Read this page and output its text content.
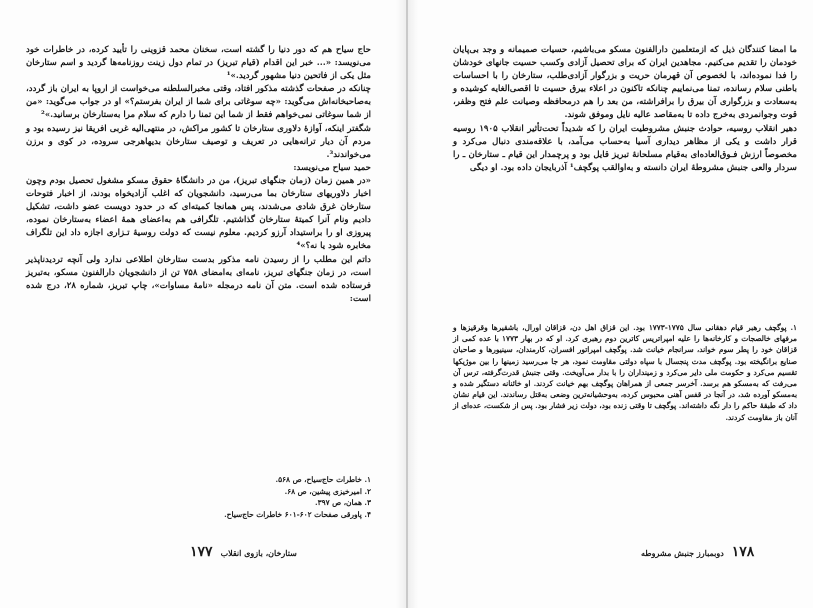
حاج سیاح هم که دور دنیا را گشته است، سخنان محمد قزوینی را تأیید کرده، در خاطرات خود می‌نویسد: «... خبر این اقدام (قیام تبریز) در تمام دول زینت روزنامه‌ها گردید و اسم ستارخان مثل یکی از فاتحین دنیا مشهور گردید.»¹

چنانکه در صفحات گذشته مذکور افتاد، وقتی مخبرالسلطنه می‌خواست از اروپا به ایران باز گردد، به‌صاحبخانه‌اش می‌گوید: «چه سوغاتی برای شما از ایران بفرستم؟» او در جواب می‌گوید: «من از شما سوغاتی نمی‌خواهم فقط از شما این تمنا را دارم که سلام مرا به‌ستارخان برسانید.»²

شگفتر اینکه، آوازهٔ دلاوری ستارخان تا کشور مراکش، در منتهی‌الیه غربی افریقا نیز رسیده بود و مردم آن دیار ترانه‌هایی در تعریف و توصیف ستارخان بدیها‌هرجی سروده، در کوی و برزن می‌خواندند³.

حمید سیاح می‌نویسد:

«در همین زمان (زمان جنگهای تبریز)، من در دانشگاهٔ حقوق مسکو مشغول تحصیل بودم وچون اخبار دلاوریهای ستارخان بما می‌رسید، دانشجویان که اغلب آزادیخواه بودند، از اخبار فتوحات ستارخان غرق شادی می‌شدند، پس همانجا کمیته‌ای که در حدود دویست عضو داشت، تشکیل دادیم ونام آنرا کمیتهٔ ستارخان گذاشتیم. تلگرافی هم به‌اعضای همهٔ اعضاء به‌ستارخان نموده، پیروزی او را براستیداد آرزو کردیم. معلوم نیست که دولت روسیهٔ تـزاری اجازه داد این تلگراف مخابره شود یا نه؟»⁴

داتم این مطلب را از رسیدن نامه مذکور بدست ستارخان اطلاعی ندارد ولی آنچه تردیدناپذیر است، در زمان جنگهای تبریز، نامه‌ای به‌امضای ۷۵۸ تن از دانشجویان دارالفنون مسکو، به‌تبریز فرستاده شده است. متن آن نامه درمجله «نامهٔ مساوات»، چاپ تبریز، شماره ۲۸، درج شده است:

۱. خاطرات حاج‌سیاح، ص ۵۶۸.

۲. امیرخیزی پیشین، ص ۶۸.

۳. همان، ص ۳۹۷.

۴. پاورقی صفحات ۶۰۲-۶۰۱ خاطرات حاج‌سیاح.

۱۷۷ ستارخان، بازوی انقلاب

ما امضا کنندگان ذیل که ازمتعلمین دارالفنون مسکو می‌باشیم، حسیات صمیمانه و وجد بی‌پایان خودمان را تقدیم می‌کنیم. مجاهدین ایران که برای تحصیل آزادی وکسب حسیت جانهای خودشان را فدا نموده‌اند، با لخصوص آن قهرمان حریت و بزرگوار آزادی‌طلب، ستارخان را با احساسات باطنی سلام رسانده، تمنا می‌نماییم چنانکه تاکنون در اعلاء بیرق حسیت تا اقصی‌الغایه کوشیده و به‌سعادت و بزرگواری آن بیرق را برافراشته، من بعد را هم درمحافظه وصیانت علم فتح وظفر، قوت وجوانمردی به‌خرج داده تا به‌مقاصد عالیه نایل وموفق شوند.

دهیر انقلاب روسیه، حوادث جنبش مشروطیت ایران را که شدیداً تحت‌تأثیر انقلاب ۱۹۰۵ روسیه قرار داشت و یکی از مظاهر دیداری آسیا به‌حساب می‌آمد، با علاقه‌مندی دنبال می‌کرد و مخصوصاً ارزش فـوق‌العاده‌ای به‌قیام مسلحانهٔ تبریز قایل بود و پرچمدار این قیام ـ ستارخان ـ را سردار والعی جنبش مشروطهٔ ایران دانسته و به‌اوالقب پوگچف¹ آذربایجان داده بود. او دیگی

۱. پوگچف رهبر قیام دهقانی سال ۱۷۷۵-۱۷۷۳ بود. این قزاق اهل دن، قزاقان اورال، باشقیرها وقرقیزها و مرفهای خالصجات و کارخانه‌ها را علیه امپراتریس کاترین دوم رهبری کرد. او که در بهار ۱۷۷۳ با عده کمی از قزاقان خود را پطر سوم خواند، سرانجام خیانت شد. پوگچف امپراتور افسران، کارمندان، سینیورها و صاحبان صنایع برانگیخته بود. پوگچف مدت پنجسال با سپاه دولتی مقاومت نمود، هر جا می‌رسید زمینها را بین موژیکها تقسیم می‌کرد و حکومت ملی دایر می‌کرد و زمینداران را با بدار می‌آویخت. وقتی جنبش قدرت‌گرفته، ترس آن می‌رفت که به‌مسکو هم برسد. آخرسر جمعی از همراهان پوگچف بهم خیانت کردند. او خائنانه دستگیر شده و به‌مسکو آورده شد، در آنجا در قفس آهنی محبوس کرده، به‌وحشیانه‌ترین وضعی به‌قتل رساندند. این قیام نشان داد که طبقهٔ حاکم را دار نگه‌ داشته‌اند. پوگچف تا وقتی زنده بود، دولت زیر فشار بود. پس از شکست، عده‌ای از آنان باز مقاومت کردند.

دوبمبارز جنبش مشروطه ۱۷۸
